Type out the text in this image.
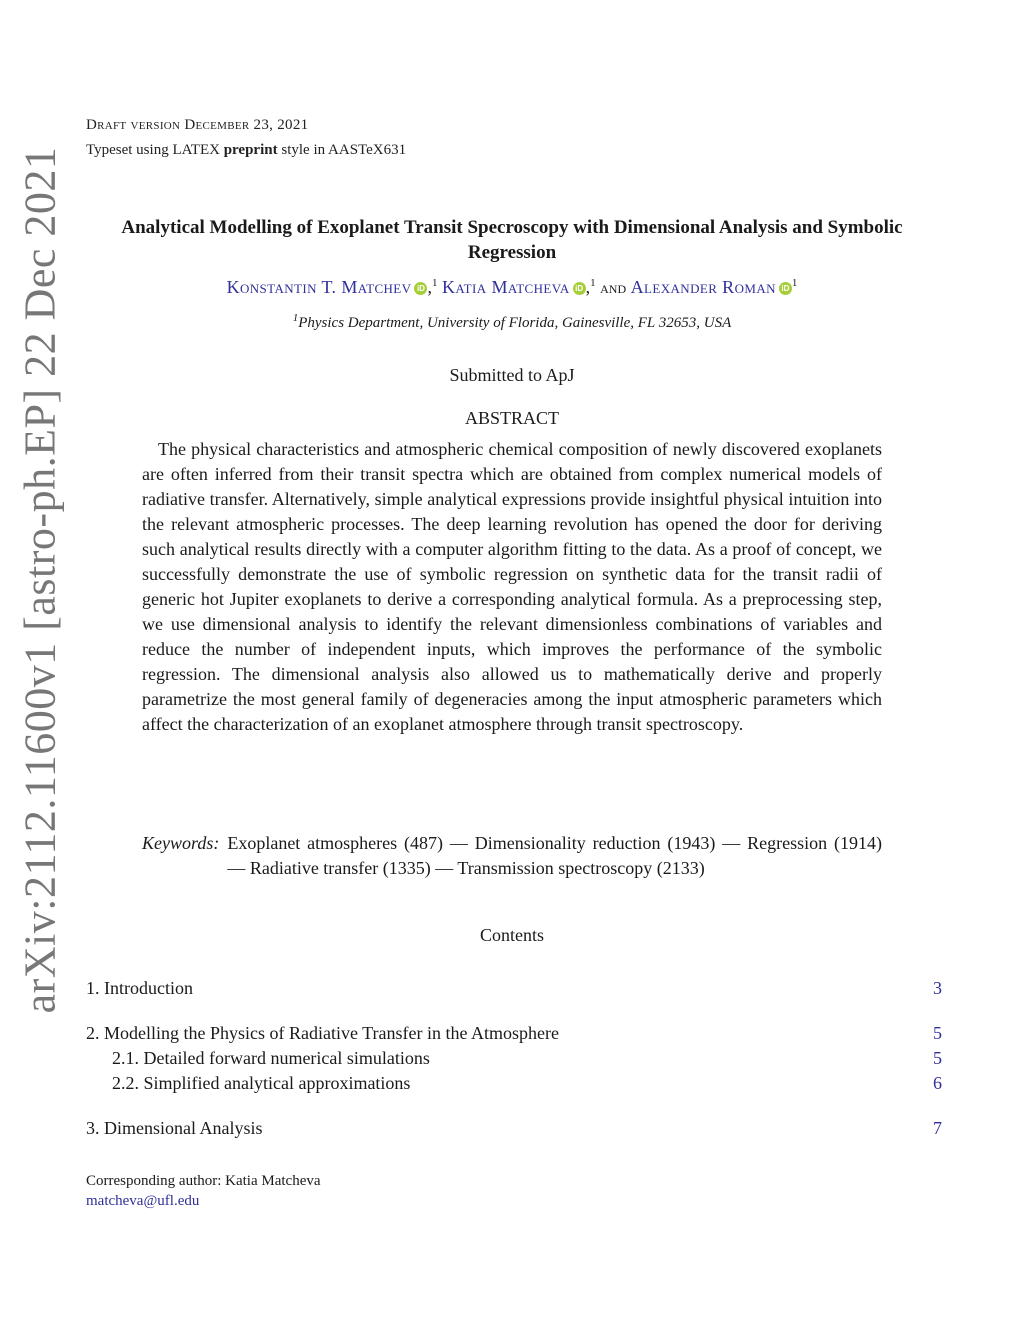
arXiv:2112.11600v1 [astro-ph.EP] 22 Dec 2021
Draft version December 23, 2021
Typeset using LATEX preprint style in AASTeX631
Analytical Modelling of Exoplanet Transit Specroscopy with Dimensional Analysis and Symbolic Regression
Konstantin T. Matchev iD ,$^1$ Katia Matcheva iD ,$^1$ and Alexander Roman iD $^1$
$^1$Physics Department, University of Florida, Gainesville, FL 32653, USA
Submitted to ApJ
ABSTRACT

The physical characteristics and atmospheric chemical composition of newly discovered exoplanets are often inferred from their transit spectra which are obtained from complex numerical models of radiative transfer. Alternatively, simple analytical expressions provide insightful physical intuition into the relevant atmospheric processes. The deep learning revolution has opened the door for deriving such analytical results directly with a computer algorithm fitting to the data. As a proof of concept, we successfully demonstrate the use of symbolic regression on synthetic data for the transit radii of generic hot Jupiter exoplanets to derive a corresponding analytical formula. As a preprocessing step, we use dimensional analysis to identify the relevant dimensionless combinations of variables and reduce the number of independent inputs, which improves the performance of the symbolic regression. The dimensional analysis also allowed us to mathematically derive and properly parametrize the most general family of degeneracies among the input atmospheric parameters which affect the characterization of an exoplanet atmosphere through transit spectroscopy.

Keywords: Exoplanet atmospheres (487) — Dimensionality reduction (1943) — Regression (1914) — Radiative transfer (1335) — Transmission spectroscopy (2133)
Contents
1. Introduction	3
2. Modelling the Physics of Radiative Transfer in the Atmosphere	5
2.1. Detailed forward numerical simulations	5
2.2. Simplified analytical approximations	6
3. Dimensional Analysis	7
Corresponding author: Katia Matcheva
matcheva@ufl.edu
